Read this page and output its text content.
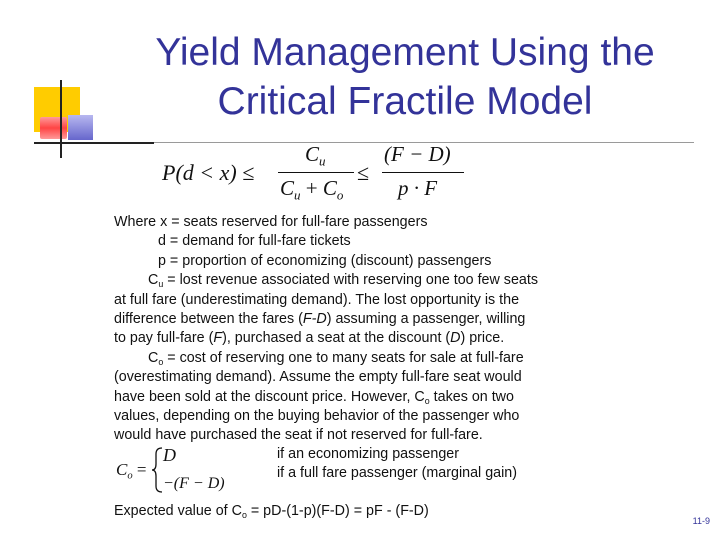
Yield Management Using the
Critical Fractile Model
P(d < x) ≤
$C_u$
$C_u + C_o$
≤
(F − D)
p · F
Where x = seats reserved for full-fare passengers
d = demand for full-fare tickets
p = proportion of economizing (discount) passengers
$C_u$ = lost revenue associated with reserving one too few seats
at full fare (underestimating demand). The lost opportunity is the
difference between the fares (F-D) assuming a passenger, willing
to pay full-fare (F), purchased a seat at the discount (D) price.
$C_o = \cos t$ of reserving one to many seats for sale at full-fare
(overestimating demand). Assume the empty full-fare seat would
have been sold at the discount price. However, $C_o$ takes on two
values, depending on the buying behavior of the passenger who
would have purchased the seat if not reserved for full-fare.
$C_o$ =
D
−(F − D)
if an economizing passenger
if a full fare passenger (marginal gain)
Expected value of $C_o = pD-(1-p)(F-D)$ = pF - (F-D)
11-9
